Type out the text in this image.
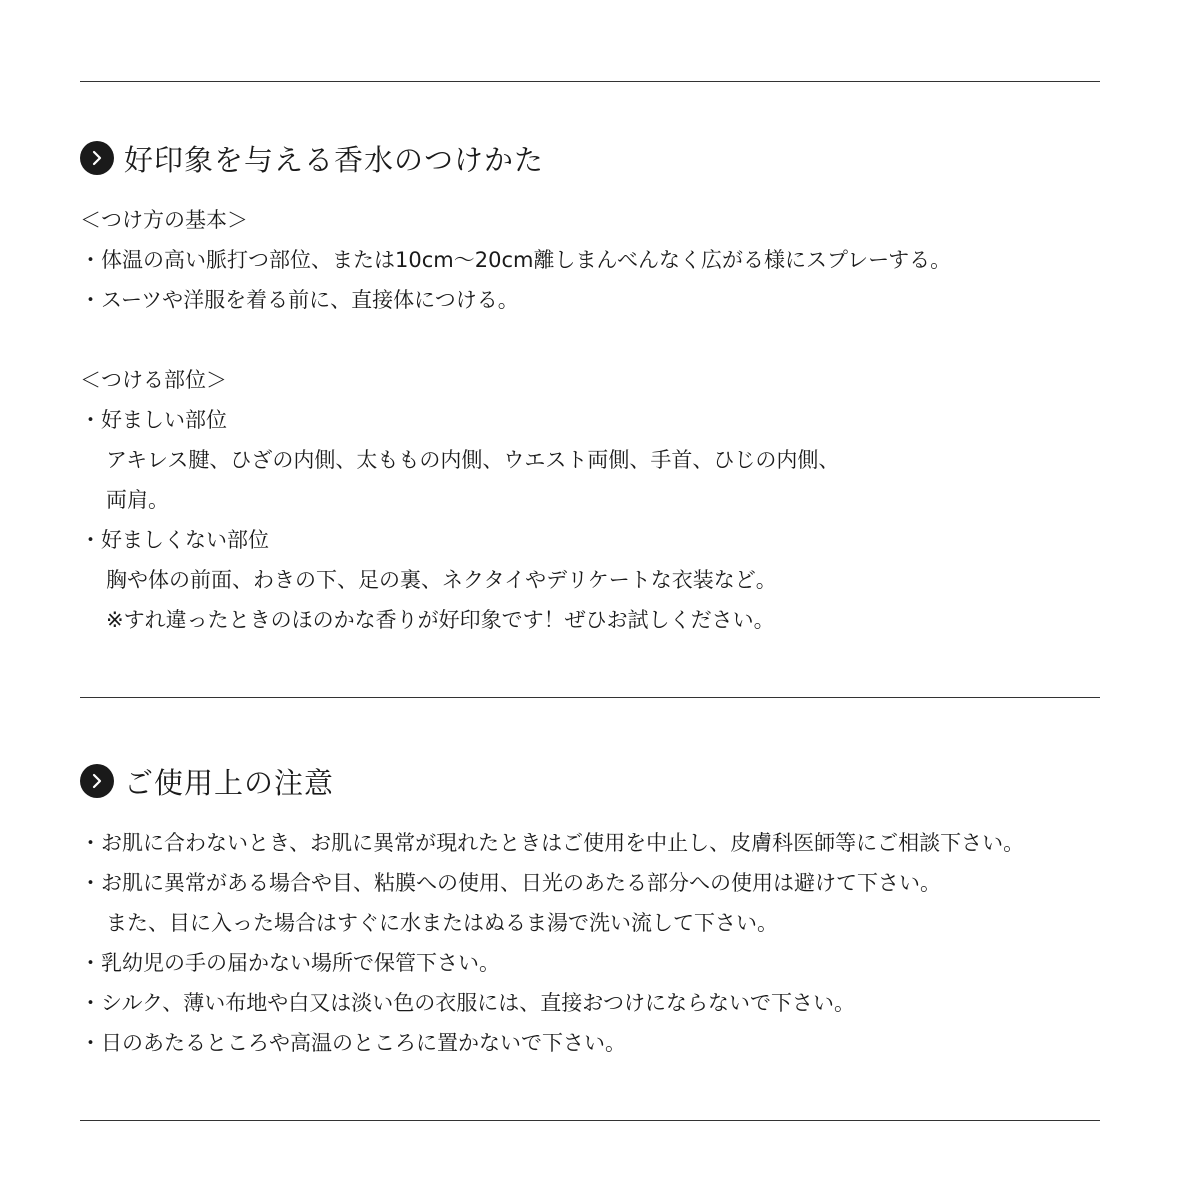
好印象を与える香水のつけかた
＜つけ方の基本＞
・体温の高い脈打つ部位、または10cm〜20cm離しまんべんなく広がる様にスプレーする。
・スーツや洋服を着る前に、直接体につける。
＜つける部位＞
・好ましい部位
アキレス腱、ひざの内側、太ももの内側、ウエスト両側、手首、ひじの内側、
両肩。
・好ましくない部位
胸や体の前面、わきの下、足の裏、ネクタイやデリケートな衣装など。
※すれ違ったときのほのかな香りが好印象です！ぜひお試しください。
ご使用上の注意
・お肌に合わないとき、お肌に異常が現れたときはご使用を中止し、皮膚科医師等にご相談下さい。
・お肌に異常がある場合や目、粘膜への使用、日光のあたる部分への使用は避けて下さい。
また、目に入った場合はすぐに水またはぬるま湯で洗い流して下さい。
・乳幼児の手の届かない場所で保管下さい。
・シルク、薄い布地や白又は淡い色の衣服には、直接おつけにならないで下さい。
・日のあたるところや高温のところに置かないで下さい。
